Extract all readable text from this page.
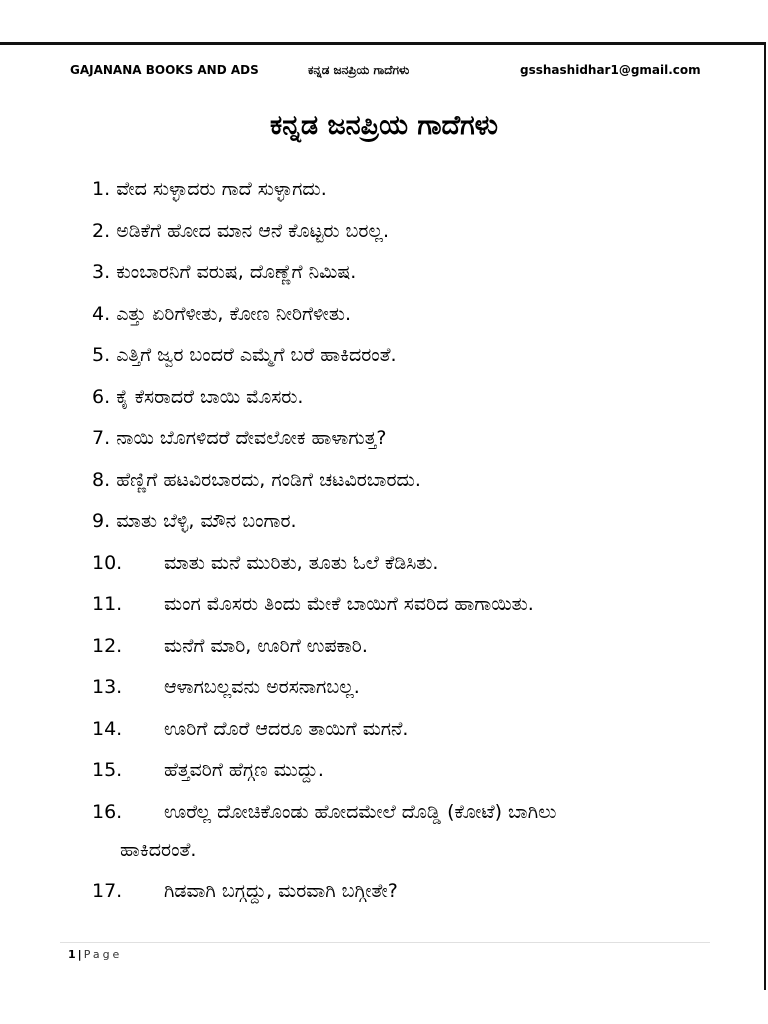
GAJANANA BOOKS AND ADS	ಕನ್ನಡ ಜನಪ್ರಿಯ ಗಾದೆಗಳು	gsshashidhar1@gmail.com
ಕನ್ನಡ ಜನಪ್ರಿಯ ಗಾದೆಗಳು
1. ವೇದ ಸುಳ್ಳಾದರು ಗಾದೆ ಸುಳ್ಳಾಗದು.
2. ಅಡಿಕೆಗೆ ಹೋದ ಮಾನ ಆನೆ ಕೊಟ್ಟರು ಬರಲ್ಲ.
3. ಕುಂಬಾರನಿಗೆ ವರುಷ, ದೊಣ್ಣೆಗೆ ನಿಮಿಷ.
4. ಎತ್ತು ಏರಿಗೆಳೀತು, ಕೋಣ ನೀರಿಗೆಳೀತು.
5. ಎತ್ತಿಗೆ ಜ್ವರ ಬಂದರೆ ಎಮ್ಮೆಗೆ ಬರೆ ಹಾಕಿದರಂತೆ.
6. ಕೈ ಕೆಸರಾದರೆ ಬಾಯಿ ಮೊಸರು.
7. ನಾಯಿ ಬೊಗಳಿದರೆ ದೇವಲೋಕ ಹಾಳಾಗುತ್ತ?
8. ಹೆಣ್ಣಿಗೆ ಹಟವಿರಬಾರದು, ಗಂಡಿಗೆ ಚಟವಿರಬಾರದು.
9. ಮಾತು ಬೆಳ್ಳಿ, ಮೌನ ಬಂಗಾರ.
10. ಮಾತು ಮನೆ ಮುರಿತು, ತೂತು ಓಲೆ ಕೆಡಿಸಿತು.
11. ಮಂಗ ಮೊಸರು ತಿಂದು ಮೇಕೆ ಬಾಯಿಗೆ ಸವರಿದ ಹಾಗಾಯಿತು.
12. ಮನೆಗೆ ಮಾರಿ, ಊರಿಗೆ ಉಪಕಾರಿ.
13. ಆಳಾಗಬಲ್ಲವನು ಅರಸನಾಗಬಲ್ಲ.
14. ಊರಿಗೆ ದೊರೆ ಆದರೂ ತಾಯಿಗೆ ಮಗನೆ.
15. ಹೆತ್ತವರಿಗೆ ಹೆಗ್ಗಣ ಮುದ್ದು.
16. ಊರೆಲ್ಲ ದೋಚಿಕೊಂಡು ಹೋದಮೇಲೆ ದೊಡ್ಡಿ (ಕೋಟೆ) ಬಾಗಿಲು
ಹಾಕಿದರಂತೆ.
17. ಗಿಡವಾಗಿ ಬಗ್ಗದ್ದು, ಮರವಾಗಿ ಬಗ್ಗೀತೇ?
1 | Page
